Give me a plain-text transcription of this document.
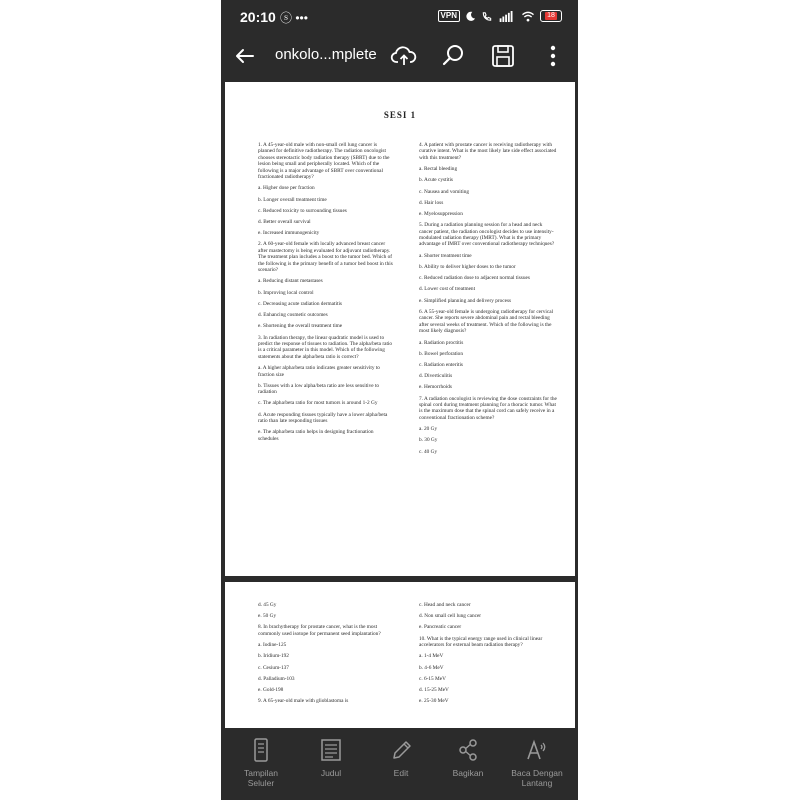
20:10 ⓢ •••	VPN	18
onkolo...mplete
SESI 1

1. A 45-year-old male with non-small cell lung cancer is planned for definitive radiotherapy. The radiation oncologist chooses stereotactic body radiation therapy (SBRT) due to the lesion being small and peripherally located. Which of the following is a major advantage of SBRT over conventional fractionated radiotherapy?

a. Higher dose per fraction

b. Longer overall treatment time

c. Reduced toxicity to surrounding tissues

d. Better overall survival

e. Increased immunogenicity

2. A 60-year-old female with locally advanced breast cancer after mastectomy is being evaluated for adjuvant radiotherapy. The treatment plan includes a boost to the tumor bed. Which of the following is the primary benefit of a tumor bed boost in this scenario?

a. Reducing distant metastases

b. Improving local control

c. Decreasing acute radiation dermatitis

d. Enhancing cosmetic outcomes

e. Shortening the overall treatment time

3. In radiation therapy, the linear quadratic model is used to predict the response of tissues to radiation. The alpha/beta ratio is a critical parameter in this model. Which of the following statements about the alpha/beta ratio is correct?

a. A higher alpha/beta ratio indicates greater sensitivity to fraction size

b. Tissues with a low alpha/beta ratio are less sensitive to radiation

c. The alpha/beta ratio for most tumors is around 1-2 Gy

d. Acute responding tissues typically have a lower alpha/beta ratio than late responding tissues

e. The alpha/beta ratio helps in designing fractionation schedules

4. A patient with prostate cancer is receiving radiotherapy with curative intent. What is the most likely late side effect associated with this treatment?

a. Rectal bleeding

b. Acute cystitis

c. Nausea and vomiting

d. Hair loss

e. Myelosuppression

5. During a radiation planning session for a head and neck cancer patient, the radiation oncologist decides to use intensity-modulated radiation therapy (IMRT). What is the primary advantage of IMRT over conventional radiotherapy techniques?

a. Shorter treatment time

b. Ability to deliver higher doses to the tumor

c. Reduced radiation dose to adjacent normal tissues

d. Lower cost of treatment

e. Simplified planning and delivery process

6. A 55-year-old female is undergoing radiotherapy for cervical cancer. She reports severe abdominal pain and rectal bleeding after several weeks of treatment. Which of the following is the most likely diagnosis?

a. Radiation proctitis

b. Bowel perforation

c. Radiation enteritis

d. Diverticulitis

e. Hemorrhoids

7. A radiation oncologist is reviewing the dose constraints for the spinal cord during treatment planning for a thoracic tumor. What is the maximum dose that the spinal cord can safely receive in a conventional fractionation scheme?

a. 20 Gy

b. 30 Gy

c. 40 Gy

d. 45 Gy

e. 50 Gy

8. In brachytherapy for prostate cancer, what is the most commonly used isotope for permanent seed implantation?

a. Iodine-125

b. Iridium-192

c. Cesium-137

d. Palladium-103

e. Gold-198

9. A 65-year-old male with glioblastoma is

c. Head and neck cancer

d. Non small cell lung cancer

e. Pancreatic cancer

10. What is the typical energy range used in clinical linear accelerators for external beam radiation therapy?

a. 1-4 MeV

b. 4-6 MeV

c. 6-15 MeV

d. 15-25 MeV

e. 25-30 MeV

Tampilan Seluler
Judul	Edit	Bagikan	Baca Dengan Lantang
